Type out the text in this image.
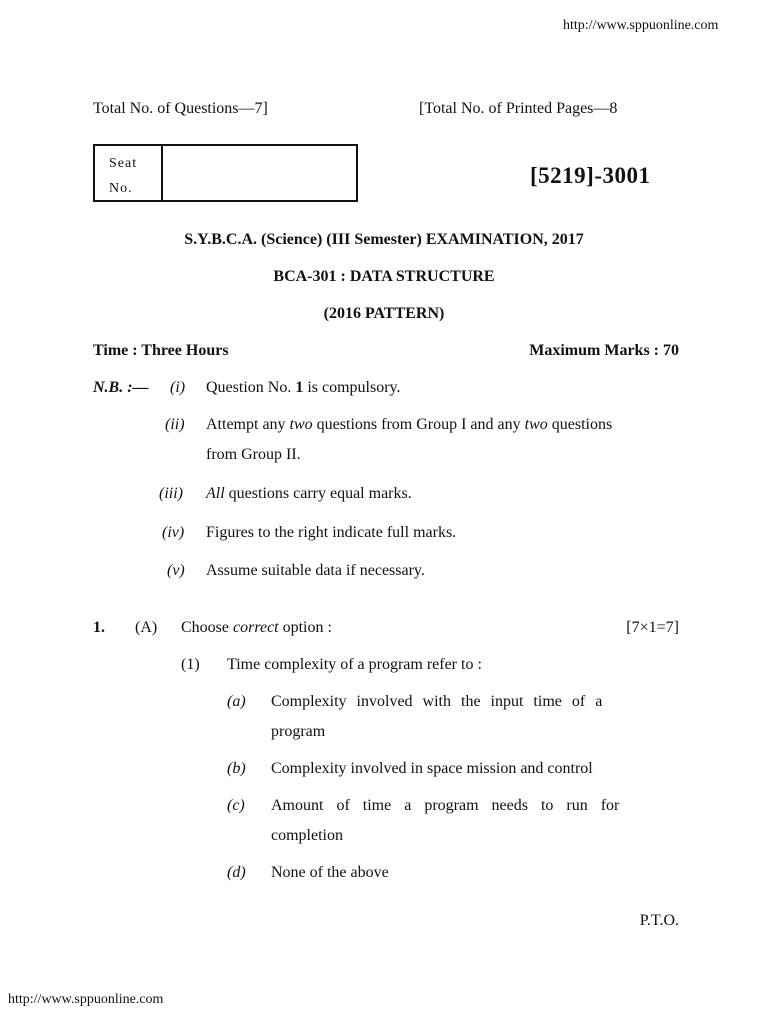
http://www.sppuonline.com
Total No. of Questions—7]	[Total No. of Printed Pages—8
Seat
No.
[5219]-3001
S.Y.B.C.A. (Science) (III Semester) EXAMINATION, 2017
BCA-301 : DATA STRUCTURE
(2016 PATTERN)
Time : Three Hours	Maximum Marks : 70
N.B. :— (i) Question No. 1 is compulsory.
(ii) Attempt any two questions from Group I and any two questions
from Group II.
(iii) All questions carry equal marks.
(iv) Figures to the right indicate full marks.
(v) Assume suitable data if necessary.
1. (A) Choose correct option :	[7×1=7]
(1) Time complexity of a program refer to :
(a) Complexity involved with the input time of a
program
(b) Complexity involved in space mission and control
(c) Amount of time a program needs to run for
completion
(d) None of the above
P.T.O.
http://www.sppuonline.com
